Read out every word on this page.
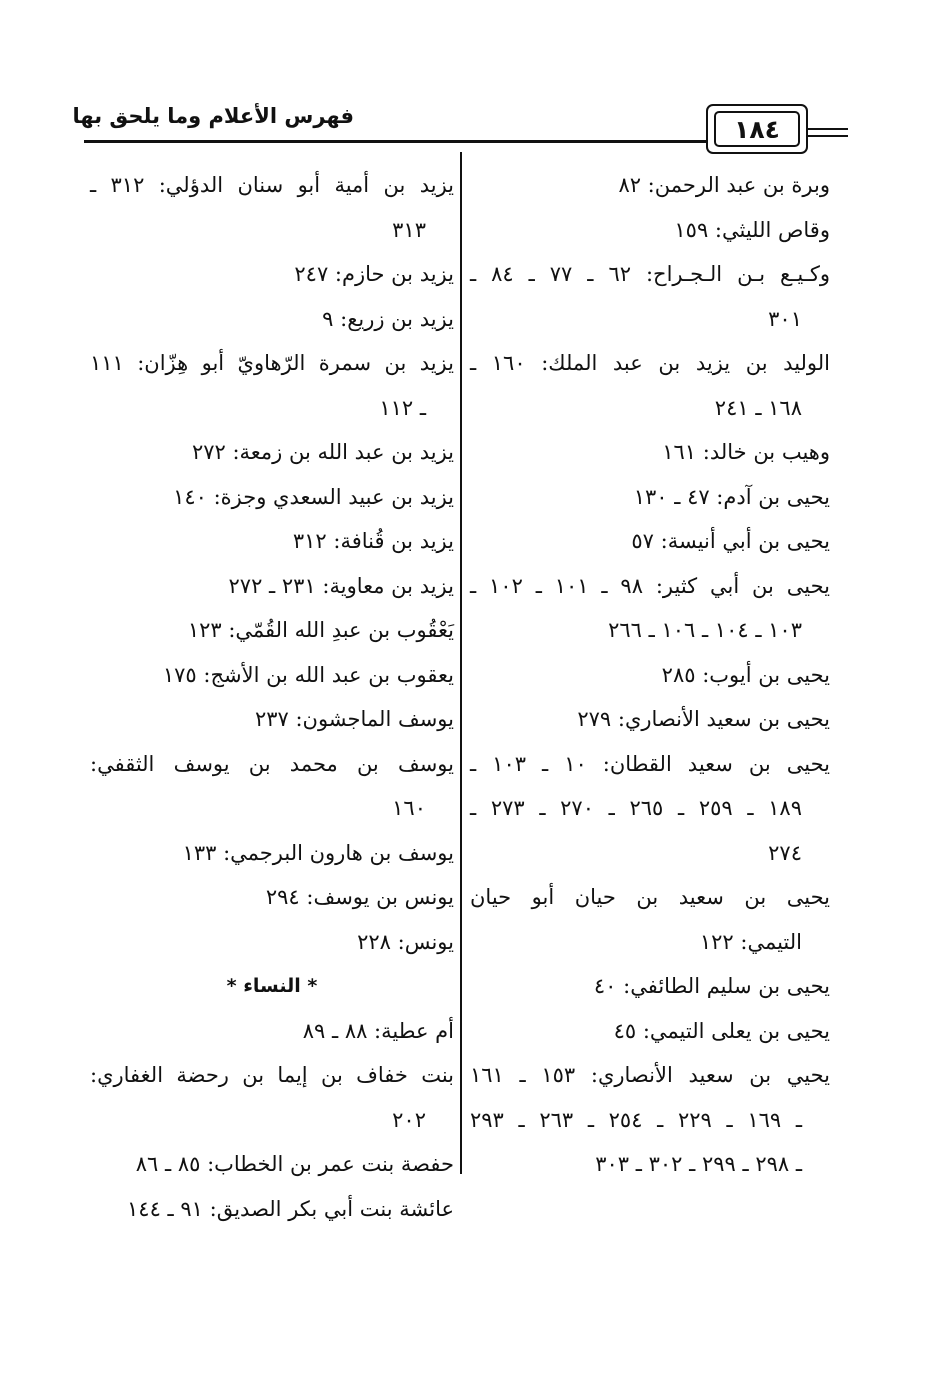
فهرس الأعلام وما يلحق بها	١٨٤
وبرة بن عبد الرحمن: ٨٢
وقاص الليثي: ١٥٩
وكـيـع بـن الـجـراح: ٦٢ ـ ٧٧ ـ ٨٤ ـ
٣٠١
الوليد بن يزيد بن عبد الملك: ١٦٠ ـ
١٦٨ ـ ٢٤١
وهيب بن خالد: ١٦١
يحيى بن آدم: ٤٧ ـ ١٣٠
يحيى بن أبي أنيسة: ٥٧
يحيى بن أبي كثير: ٩٨ ـ ١٠١ ـ ١٠٢ ـ
١٠٣ ـ ١٠٤ ـ ١٠٦ ـ ٢٦٦
يحيى بن أيوب: ٢٨٥
يحيى بن سعيد الأنصاري: ٢٧٩
يحيى بن سعيد القطان: ١٠ ـ ١٠٣ ـ
١٨٩ ـ ٢٥٩ ـ ٢٦٥ ـ ٢٧٠ ـ ٢٧٣ ـ
٢٧٤
يحيى بن سعيد بن حيان أبو حيان
التيمي: ١٢٢
يحيى بن سليم الطائفي: ٤٠
يحيى بن يعلى التيمي: ٤٥
يحيي بن سعيد الأنصاري: ١٥٣ ـ ١٦١
ـ ١٦٩ ـ ٢٢٩ ـ ٢٥٤ ـ ٢٦٣ ـ ٢٩٣
ـ ٢٩٨ ـ ٢٩٩ ـ ٣٠٢ ـ ٣٠٣
يزيد بن أمية أبو سنان الدؤلي: ٣١٢ ـ
٣١٣
يزيد بن حازم: ٢٤٧
يزيد بن زريع: ٩
يزيد بن سمرة الرّهاويّ أبو هِزّان: ١١١
ـ ١١٢
يزيد بن عبد الله بن زمعة: ٢٧٢
يزيد بن عبيد السعدي وجزة: ١٤٠
يزيد بن قُنافة: ٣١٢
يزيد بن معاوية: ٢٣١ ـ ٢٧٢
يَعْقُوب بن عبدِ الله القُمّي: ١٢٣
يعقوب بن عبد الله بن الأشج: ١٧٥
يوسف الماجشون: ٢٣٧
يوسف بن محمد بن يوسف الثقفي:
١٦٠
يوسف بن هارون البرجمي: ١٣٣
يونس بن يوسف: ٢٩٤
يونس: ٢٢٨
* النساء *
أم عطية: ٨٨ ـ ٨٩
بنت خفاف بن إيما بن رحضة الغفاري:
٢٠٢
حفصة بنت عمر بن الخطاب: ٨٥ ـ ٨٦
عائشة بنت أبي بكر الصديق: ٩١ ـ ١٤٤
